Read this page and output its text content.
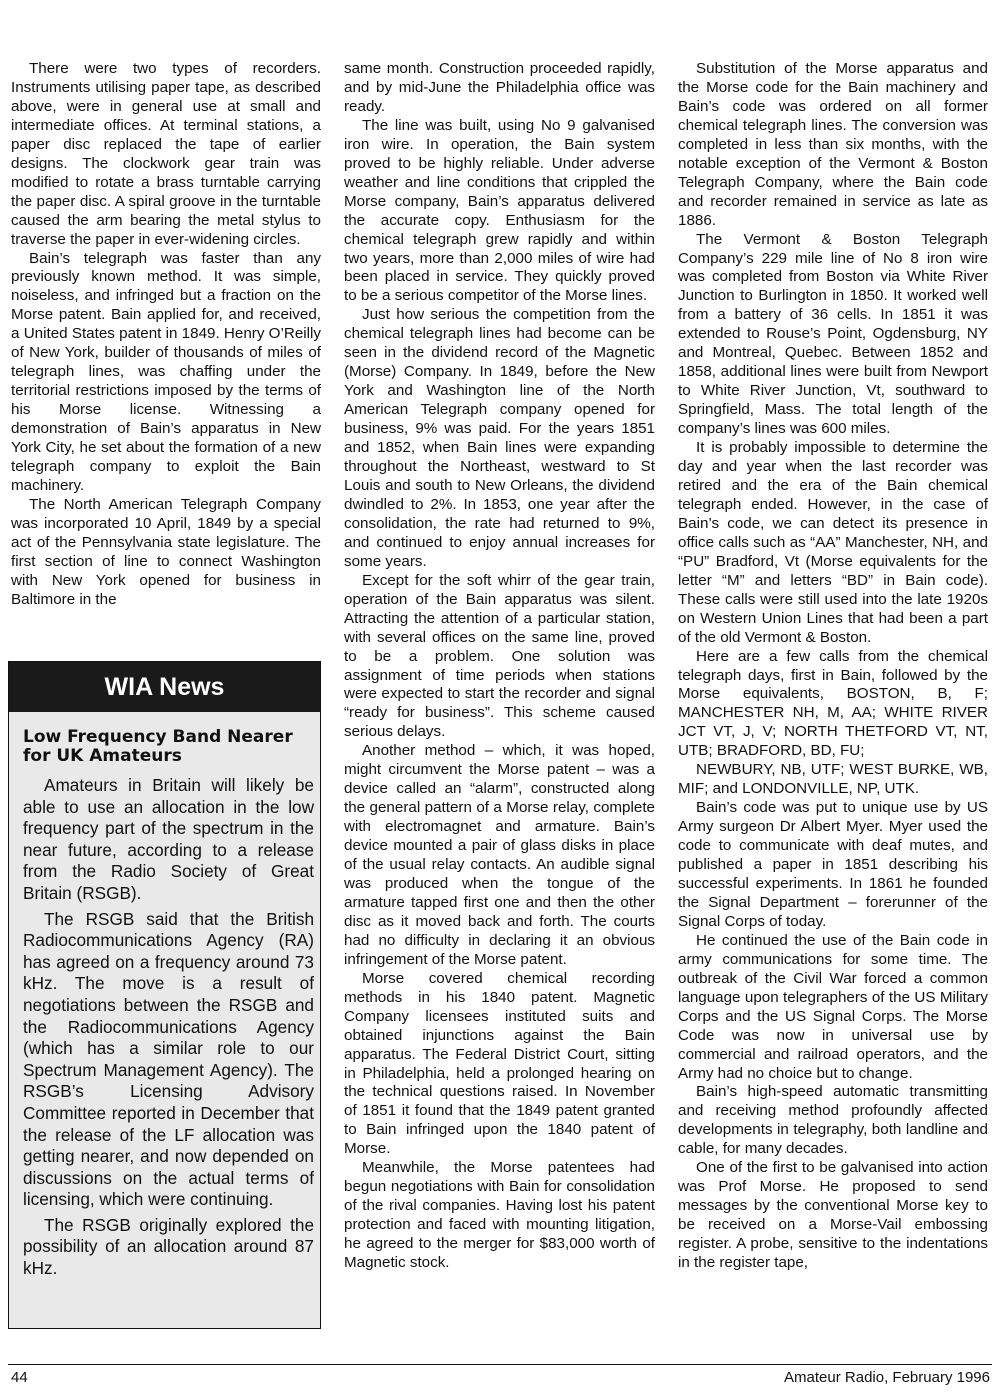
There were two types of recorders. Instruments utilising paper tape, as described above, were in general use at small and intermediate offices. At terminal stations, a paper disc replaced the tape of earlier designs. The clockwork gear train was modified to rotate a brass turntable carrying the paper disc. A spiral groove in the turntable caused the arm bearing the metal stylus to traverse the paper in ever-widening circles.

Bain’s telegraph was faster than any previously known method. It was simple, noiseless, and infringed but a fraction on the Morse patent. Bain applied for, and received, a United States patent in 1849. Henry O’Reilly of New York, builder of thousands of miles of telegraph lines, was chaffing under the territorial restrictions imposed by the terms of his Morse license. Witnessing a demonstration of Bain’s apparatus in New York City, he set about the formation of a new telegraph company to exploit the Bain machinery.

The North American Telegraph Company was incorporated 10 April, 1849 by a special act of the Pennsylvania state legislature. The first section of line to connect Washington with New York opened for business in Baltimore in the

WIA News
Low Frequency Band Nearer for UK Amateurs

Amateurs in Britain will likely be able to use an allocation in the low frequency part of the spectrum in the near future, according to a release from the Radio Society of Great Britain (RSGB).

The RSGB said that the British Radiocommunications Agency (RA) has agreed on a frequency around 73 kHz. The move is a result of negotiations between the RSGB and the Radiocommunications Agency (which has a similar role to our Spectrum Management Agency). The RSGB’s Licensing Advisory Committee reported in December that the release of the LF allocation was getting nearer, and now depended on discussions on the actual terms of licensing, which were continuing.

The RSGB originally explored the possibility of an allocation around 87 kHz.

same month. Construction proceeded rapidly, and by mid-June the Philadelphia office was ready.

The line was built, using No 9 galvanised iron wire. In operation, the Bain system proved to be highly reliable. Under adverse weather and line conditions that crippled the Morse company, Bain’s apparatus delivered the accurate copy. Enthusiasm for the chemical telegraph grew rapidly and within two years, more than 2,000 miles of wire had been placed in service. They quickly proved to be a serious competitor of the Morse lines.

Just how serious the competition from the chemical telegraph lines had become can be seen in the dividend record of the Magnetic (Morse) Company. In 1849, before the New York and Washington line of the North American Telegraph company opened for business, 9% was paid. For the years 1851 and 1852, when Bain lines were expanding throughout the Northeast, westward to St Louis and south to New Orleans, the dividend dwindled to 2%. In 1853, one year after the consolidation, the rate had returned to 9%, and continued to enjoy annual increases for some years.

Except for the soft whirr of the gear train, operation of the Bain apparatus was silent. Attracting the attention of a particular station, with several offices on the same line, proved to be a problem. One solution was assignment of time periods when stations were expected to start the recorder and signal “ready for business”. This scheme caused serious delays.

Another method – which, it was hoped, might circumvent the Morse patent – was a device called an “alarm”, constructed along the general pattern of a Morse relay, complete with electromagnet and armature. Bain’s device mounted a pair of glass disks in place of the usual relay contacts. An audible signal was produced when the tongue of the armature tapped first one and then the other disc as it moved back and forth. The courts had no difficulty in declaring it an obvious infringement of the Morse patent.

Morse covered chemical recording methods in his 1840 patent. Magnetic Company licensees instituted suits and obtained injunctions against the Bain apparatus. The Federal District Court, sitting in Philadelphia, held a prolonged hearing on the technical questions raised. In November of 1851 it found that the 1849 patent granted to Bain infringed upon the 1840 patent of Morse.

Meanwhile, the Morse patentees had begun negotiations with Bain for consolidation of the rival companies. Having lost his patent protection and faced with mounting litigation, he agreed to the merger for $83,000 worth of Magnetic stock.

Substitution of the Morse apparatus and the Morse code for the Bain machinery and Bain’s code was ordered on all former chemical telegraph lines. The conversion was completed in less than six months, with the notable exception of the Vermont & Boston Telegraph Company, where the Bain code and recorder remained in service as late as 1886.

The Vermont & Boston Telegraph Company’s 229 mile line of No 8 iron wire was completed from Boston via White River Junction to Burlington in 1850. It worked well from a battery of 36 cells. In 1851 it was extended to Rouse’s Point, Ogdensburg, NY and Montreal, Quebec. Between 1852 and 1858, additional lines were built from Newport to White River Junction, Vt, southward to Springfield, Mass. The total length of the company’s lines was 600 miles.

It is probably impossible to determine the day and year when the last recorder was retired and the era of the Bain chemical telegraph ended. However, in the case of Bain’s code, we can detect its presence in office calls such as “AA” Manchester, NH, and “PU” Bradford, Vt (Morse equivalents for the letter “M” and letters “BD” in Bain code). These calls were still used into the late 1920s on Western Union Lines that had been a part of the old Vermont & Boston.

Here are a few calls from the chemical telegraph days, first in Bain, followed by the Morse equivalents, BOSTON, B, F; MANCHESTER NH, M, AA; WHITE RIVER JCT VT, J, V; NORTH THETFORD VT, NT, UTB; BRADFORD, BD, FU;

NEWBURY, NB, UTF; WEST BURKE, WB, MIF; and LONDONVILLE, NP, UTK.

Bain’s code was put to unique use by US Army surgeon Dr Albert Myer. Myer used the code to communicate with deaf mutes, and published a paper in 1851 describing his successful experiments. In 1861 he founded the Signal Department – forerunner of the Signal Corps of today.

He continued the use of the Bain code in army communications for some time. The outbreak of the Civil War forced a common language upon telegraphers of the US Military Corps and the US Signal Corps. The Morse Code was now in universal use by commercial and railroad operators, and the Army had no choice but to change.

Bain’s high-speed automatic transmitting and receiving method profoundly affected developments in telegraphy, both landline and cable, for many decades.

One of the first to be galvanised into action was Prof Morse. He proposed to send messages by the conventional Morse key to be received on a Morse-Vail embossing register. A probe, sensitive to the indentations in the register tape,

44	Amateur Radio, February 1996
